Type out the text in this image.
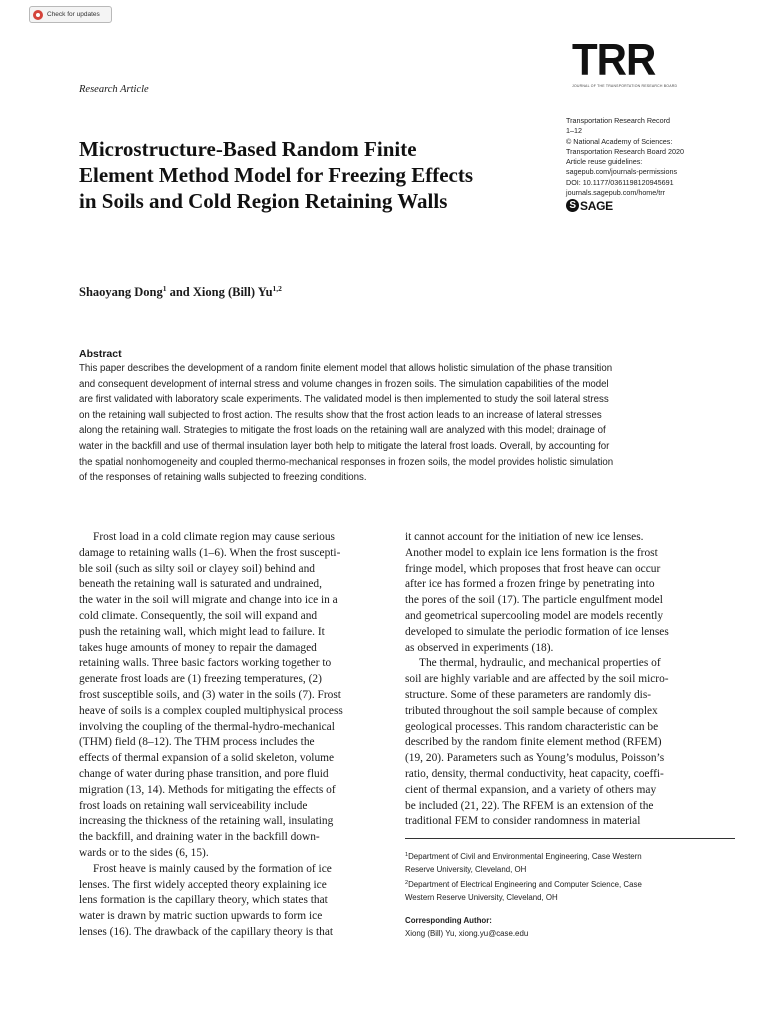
Check for updates
TRR
JOURNAL OF THE TRANSPORTATION RESEARCH BOARD
Research Article
Transportation Research Record
1–12
© National Academy of Sciences:
Transportation Research Board 2020
Article reuse guidelines:
sagepub.com/journals-permissions
DOI: 10.1177/0361198120945691
journals.sagepub.com/home/trr
S SAGE
Microstructure-Based Random Finite Element Method Model for Freezing Effects in Soils and Cold Region Retaining Walls
Shaoyang Dong$^1$ and Xiong (Bill) Yu$^{1,2}$
Abstract
This paper describes the development of a random finite element model that allows holistic simulation of the phase transition
and consequent development of internal stress and volume changes in frozen soils. The simulation capabilities of the model
are first validated with laboratory scale experiments. The validated model is then implemented to study the soil lateral stress
on the retaining wall subjected to frost action. The results show that the frost action leads to an increase of lateral stresses
along the retaining wall. Strategies to mitigate the frost loads on the retaining wall are analyzed with this model; drainage of
water in the backfill and use of thermal insulation layer both help to mitigate the lateral frost loads. Overall, by accounting for
the spatial nonhomogeneity and coupled thermo-mechanical responses in frozen soils, the model provides holistic simulation
of the responses of retaining walls subjected to freezing conditions.
Frost load in a cold climate region may cause serious
damage to retaining walls (1–6). When the frost suscepti-
ble soil (such as silty soil or clayey soil) behind and
beneath the retaining wall is saturated and undrained,
the water in the soil will migrate and change into ice in a
cold climate. Consequently, the soil will expand and
push the retaining wall, which might lead to failure. It
takes huge amounts of money to repair the damaged
retaining walls. Three basic factors working together to
generate frost loads are (1) freezing temperatures, (2)
frost susceptible soils, and (3) water in the soils (7). Frost
heave of soils is a complex coupled multiphysical process
involving the coupling of the thermal-hydro-mechanical
(THM) field (8–12). The THM process includes the
effects of thermal expansion of a solid skeleton, volume
change of water during phase transition, and pore fluid
migration (13, 14). Methods for mitigating the effects of
frost loads on retaining wall serviceability include
increasing the thickness of the retaining wall, insulating
the backfill, and draining water in the backfill down-
wards or to the sides (6, 15).
Frost heave is mainly caused by the formation of ice
lenses. The first widely accepted theory explaining ice
lens formation is the capillary theory, which states that
water is drawn by matric suction upwards to form ice
lenses (16). The drawback of the capillary theory is that
it cannot account for the initiation of new ice lenses.
Another model to explain ice lens formation is the frost
fringe model, which proposes that frost heave can occur
after ice has formed a frozen fringe by penetrating into
the pores of the soil (17). The particle engulfment model
and geometrical supercooling model are models recently
developed to simulate the periodic formation of ice lenses
as observed in experiments (18).
The thermal, hydraulic, and mechanical properties of
soil are highly variable and are affected by the soil micro-
structure. Some of these parameters are randomly dis-
tributed throughout the soil sample because of complex
geological processes. This random characteristic can be
described by the random finite element method (RFEM)
(19, 20). Parameters such as Young’s modulus, Poisson’s
ratio, density, thermal conductivity, heat capacity, coeffi-
cient of thermal expansion, and a variety of others may
be included (21, 22). The RFEM is an extension of the
traditional FEM to consider randomness in material
$^1$Department of Civil and Environmental Engineering, Case Western
Reserve University, Cleveland, OH
$^2$Department of Electrical Engineering and Computer Science, Case
Western Reserve University, Cleveland, OH
Corresponding Author:
Xiong (Bill) Yu, xiong.yu@case.edu
